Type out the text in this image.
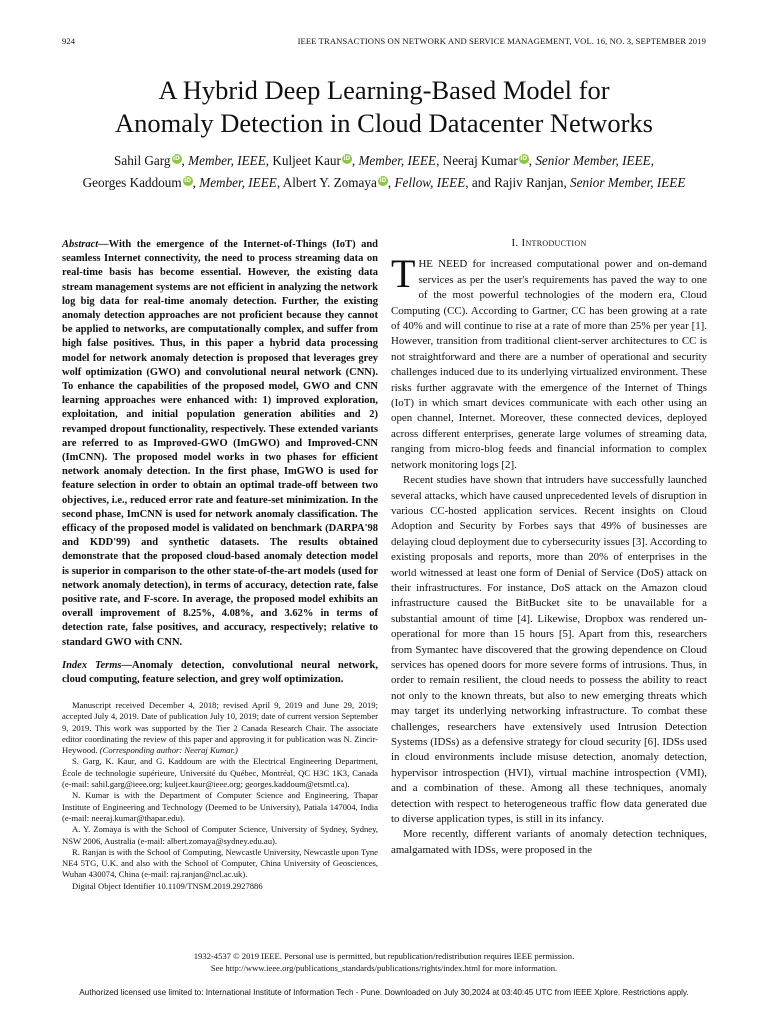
924	IEEE TRANSACTIONS ON NETWORK AND SERVICE MANAGEMENT, VOL. 16, NO. 3, SEPTEMBER 2019
A Hybrid Deep Learning-Based Model for
Anomaly Detection in Cloud Datacenter Networks
Sahil Garg iD, Member, IEEE, Kuljeet Kaur iD, Member, IEEE, Neeraj Kumar iD, Senior Member, IEEE,
Georges Kaddoum iD, Member, IEEE, Albert Y. Zomaya iD, Fellow, IEEE, and Rajiv Ranjan, Senior Member, IEEE

Abstract—With the emergence of the Internet-of-Things (IoT) and seamless Internet connectivity, the need to process streaming data on real-time basis has become essential. However, the existing data stream management systems are not efficient in analyzing the network log big data for real-time anomaly detection. Further, the existing anomaly detection approaches are not proficient because they cannot be applied to networks, are computationally complex, and suffer from high false positives. Thus, in this paper a hybrid data processing model for network anomaly detection is proposed that leverages grey wolf optimization (GWO) and convolutional neural network (CNN). To enhance the capabilities of the proposed model, GWO and CNN learning approaches were enhanced with: 1) improved exploration, exploitation, and initial population generation abilities and 2) revamped dropout functionality, respectively. These extended variants are referred to as Improved-GWO (ImGWO) and Improved-CNN (ImCNN). The proposed model works in two phases for efficient network anomaly detection. In the first phase, ImGWO is used for feature selection in order to obtain an optimal trade-off between two objectives, i.e., reduced error rate and feature-set minimization. In the second phase, ImCNN is used for network anomaly classification. The efficacy of the proposed model is validated on benchmark (DARPA'98 and KDD'99) and synthetic datasets. The results obtained demonstrate that the proposed cloud-based anomaly detection model is superior in comparison to the other state-of-the-art models (used for network anomaly detection), in terms of accuracy, detection rate, false positive rate, and F-score. In average, the proposed model exhibits an overall improvement of 8.25%, 4.08%, and 3.62% in terms of detection rate, false positives, and accuracy, respectively; relative to standard GWO with CNN.

Index Terms—Anomaly detection, convolutional neural network, cloud computing, feature selection, and grey wolf optimization.

Manuscript received December 4, 2018; revised April 9, 2019 and June 29, 2019; accepted July 4, 2019. Date of publication July 10, 2019; date of current version September 9, 2019. This work was supported by the Tier 2 Canada Research Chair. The associate editor coordinating the review of this paper and approving it for publication was N. Zincir-Heywood. (Corresponding author: Neeraj Kumar.)

S. Garg, K. Kaur, and G. Kaddoum are with the Electrical Engineering Department, École de technologie supérieure, Université du Québec, Montréal, QC H3C 1K3, Canada (e-mail: sahil.garg@ieee.org; kuljeet.kaur@ieee.org; georges.kaddoum@etsmtl.ca).

N. Kumar is with the Department of Computer Science and Engineering, Thapar Institute of Engineering and Technology (Deemed to be University), Patiala 147004, India (e-mail: neeraj.kumar@thapar.edu).

A. Y. Zomaya is with the School of Computer Science, University of Sydney, Sydney, NSW 2006, Australia (e-mail: albert.zomaya@sydney.edu.au).

R. Ranjan is with the School of Computing, Newcastle University, Newcastle upon Tyne NE4 5TG, U.K. and also with the School of Computer, China University of Geosciences, Wuhan 430074, China (e-mail: raj.ranjan@ncl.ac.uk).

Digital Object Identifier 10.1109/TNSM.2019.2927886

I. Introduction

THE NEED for increased computational power and on-demand services as per the user's requirements has paved the way to one of the most powerful technologies of the modern era, Cloud Computing (CC). According to Gartner, CC has been growing at a rate of 40% and will continue to rise at a rate of more than 25% per year [1]. However, transition from traditional client-server architectures to CC is not straightforward and there are a number of operational and security challenges induced due to its underlying virtualized environment. These risks further aggravate with the emergence of the Internet of Things (IoT) in which smart devices communicate with each other using an open channel, Internet. Moreover, these connected devices, deployed across different enterprises, generate large volumes of streaming data, ranging from micro-blog feeds and financial information to complex network monitoring logs [2].

Recent studies have shown that intruders have successfully launched several attacks, which have caused unprecedented levels of disruption in various CC-hosted application services. Recent insights on Cloud Adoption and Security by Forbes says that 49% of businesses are delaying cloud deployment due to cybersecurity issues [3]. According to existing proposals and reports, more than 20% of enterprises in the world witnessed at least one form of Denial of Service (DoS) attack on their infrastructures. For instance, DoS attack on the Amazon cloud infrastructure caused the BitBucket site to be unavailable for a substantial amount of time [4]. Likewise, Dropbox was rendered un-operational for more than 15 hours [5]. Apart from this, researchers from Symantec have discovered that the growing dependence on Cloud services has opened doors for more severe forms of intrusions. Thus, in order to remain resilient, the cloud needs to possess the ability to react not only to the known threats, but also to new emerging threats which may target its underlying networking infrastructure. To combat these challenges, researchers have extensively used Intrusion Detection Systems (IDSs) as a defensive strategy for cloud security [6]. IDSs used in cloud environments include misuse detection, anomaly detection, hypervisor introspection (HVI), virtual machine introspection (VMI), and a combination of these. Among all these techniques, anomaly detection with respect to heterogeneous traffic flow data generated due to diverse application types, is still in its infancy.

More recently, different variants of anomaly detection techniques, amalgamated with IDSs, were proposed in the

1932-4537 © 2019 IEEE. Personal use is permitted, but republication/redistribution requires IEEE permission.
See http://www.ieee.org/publications_standards/publications/rights/index.html for more information.
Authorized licensed use limited to: International Institute of Information Tech - Pune. Downloaded on July 30,2024 at 03:40:45 UTC from IEEE Xplore. Restrictions apply.
